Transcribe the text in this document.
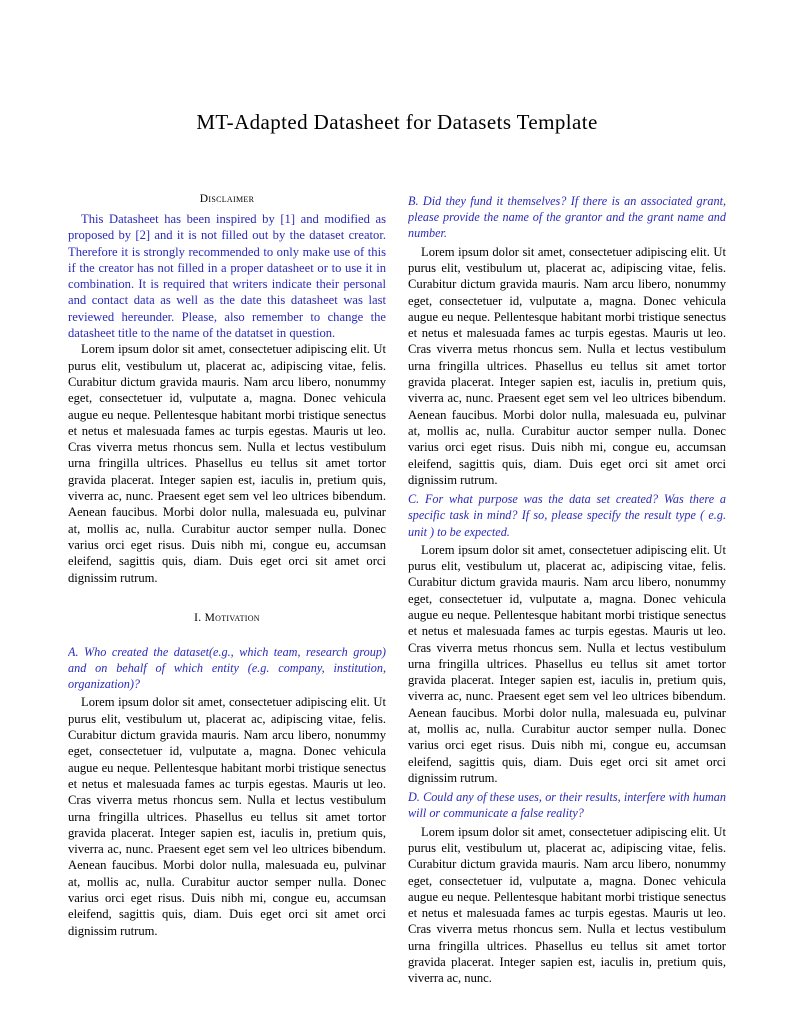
MT-Adapted Datasheet for Datasets Template
Disclaimer

This Datasheet has been inspired by [1] and modified as proposed by [2] and it is not filled out by the dataset creator. Therefore it is strongly recommended to only make use of this if the creator has not filled in a proper datasheet or to use it in combination. It is required that writers indicate their personal and contact data as well as the date this datasheet was last reviewed hereunder. Please, also remember to change the datasheet title to the name of the datatset in question.

Lorem ipsum dolor sit amet, consectetuer adipiscing elit. Ut purus elit, vestibulum ut, placerat ac, adipiscing vitae, felis. Curabitur dictum gravida mauris. Nam arcu libero, nonummy eget, consectetuer id, vulputate a, magna. Donec vehicula augue eu neque. Pellentesque habitant morbi tristique senectus et netus et malesuada fames ac turpis egestas. Mauris ut leo. Cras viverra metus rhoncus sem. Nulla et lectus vestibulum urna fringilla ultrices. Phasellus eu tellus sit amet tortor gravida placerat. Integer sapien est, iaculis in, pretium quis, viverra ac, nunc. Praesent eget sem vel leo ultrices bibendum. Aenean faucibus. Morbi dolor nulla, malesuada eu, pulvinar at, mollis ac, nulla. Curabitur auctor semper nulla. Donec varius orci eget risus. Duis nibh mi, congue eu, accumsan eleifend, sagittis quis, diam. Duis eget orci sit amet orci dignissim rutrum.

I. Motivation

A. Who created the dataset(e.g., which team, research group) and on behalf of which entity (e.g. company, institution, organization)?

Lorem ipsum dolor sit amet, consectetuer adipiscing elit. Ut purus elit, vestibulum ut, placerat ac, adipiscing vitae, felis. Curabitur dictum gravida mauris. Nam arcu libero, nonummy eget, consectetuer id, vulputate a, magna. Donec vehicula augue eu neque. Pellentesque habitant morbi tristique senectus et netus et malesuada fames ac turpis egestas. Mauris ut leo. Cras viverra metus rhoncus sem. Nulla et lectus vestibulum urna fringilla ultrices. Phasellus eu tellus sit amet tortor gravida placerat. Integer sapien est, iaculis in, pretium quis, viverra ac, nunc. Praesent eget sem vel leo ultrices bibendum. Aenean faucibus. Morbi dolor nulla, malesuada eu, pulvinar at, mollis ac, nulla. Curabitur auctor semper nulla. Donec varius orci eget risus. Duis nibh mi, congue eu, accumsan eleifend, sagittis quis, diam. Duis eget orci sit amet orci dignissim rutrum.

B. Did they fund it themselves? If there is an associated grant, please provide the name of the grantor and the grant name and number.

Lorem ipsum dolor sit amet, consectetuer adipiscing elit. Ut purus elit, vestibulum ut, placerat ac, adipiscing vitae, felis. Curabitur dictum gravida mauris. Nam arcu libero, nonummy eget, consectetuer id, vulputate a, magna. Donec vehicula augue eu neque. Pellentesque habitant morbi tristique senectus et netus et malesuada fames ac turpis egestas. Mauris ut leo. Cras viverra metus rhoncus sem. Nulla et lectus vestibulum urna fringilla ultrices. Phasellus eu tellus sit amet tortor gravida placerat. Integer sapien est, iaculis in, pretium quis, viverra ac, nunc. Praesent eget sem vel leo ultrices bibendum. Aenean faucibus. Morbi dolor nulla, malesuada eu, pulvinar at, mollis ac, nulla. Curabitur auctor semper nulla. Donec varius orci eget risus. Duis nibh mi, congue eu, accumsan eleifend, sagittis quis, diam. Duis eget orci sit amet orci dignissim rutrum.

C. For what purpose was the data set created? Was there a specific task in mind? If so, please specify the result type ( e.g. unit ) to be expected.

Lorem ipsum dolor sit amet, consectetuer adipiscing elit. Ut purus elit, vestibulum ut, placerat ac, adipiscing vitae, felis. Curabitur dictum gravida mauris. Nam arcu libero, nonummy eget, consectetuer id, vulputate a, magna. Donec vehicula augue eu neque. Pellentesque habitant morbi tristique senectus et netus et malesuada fames ac turpis egestas. Mauris ut leo. Cras viverra metus rhoncus sem. Nulla et lectus vestibulum urna fringilla ultrices. Phasellus eu tellus sit amet tortor gravida placerat. Integer sapien est, iaculis in, pretium quis, viverra ac, nunc. Praesent eget sem vel leo ultrices bibendum. Aenean faucibus. Morbi dolor nulla, malesuada eu, pulvinar at, mollis ac, nulla. Curabitur auctor semper nulla. Donec varius orci eget risus. Duis nibh mi, congue eu, accumsan eleifend, sagittis quis, diam. Duis eget orci sit amet orci dignissim rutrum.

D. Could any of these uses, or their results, interfere with human will or communicate a false reality?

Lorem ipsum dolor sit amet, consectetuer adipiscing elit. Ut purus elit, vestibulum ut, placerat ac, adipiscing vitae, felis. Curabitur dictum gravida mauris. Nam arcu libero, nonummy eget, consectetuer id, vulputate a, magna. Donec vehicula augue eu neque. Pellentesque habitant morbi tristique senectus et netus et malesuada fames ac turpis egestas. Mauris ut leo. Cras viverra metus rhoncus sem. Nulla et lectus vestibulum urna fringilla ultrices. Phasellus eu tellus sit amet tortor gravida placerat. Integer sapien est, iaculis in, pretium quis, viverra ac, nunc.
